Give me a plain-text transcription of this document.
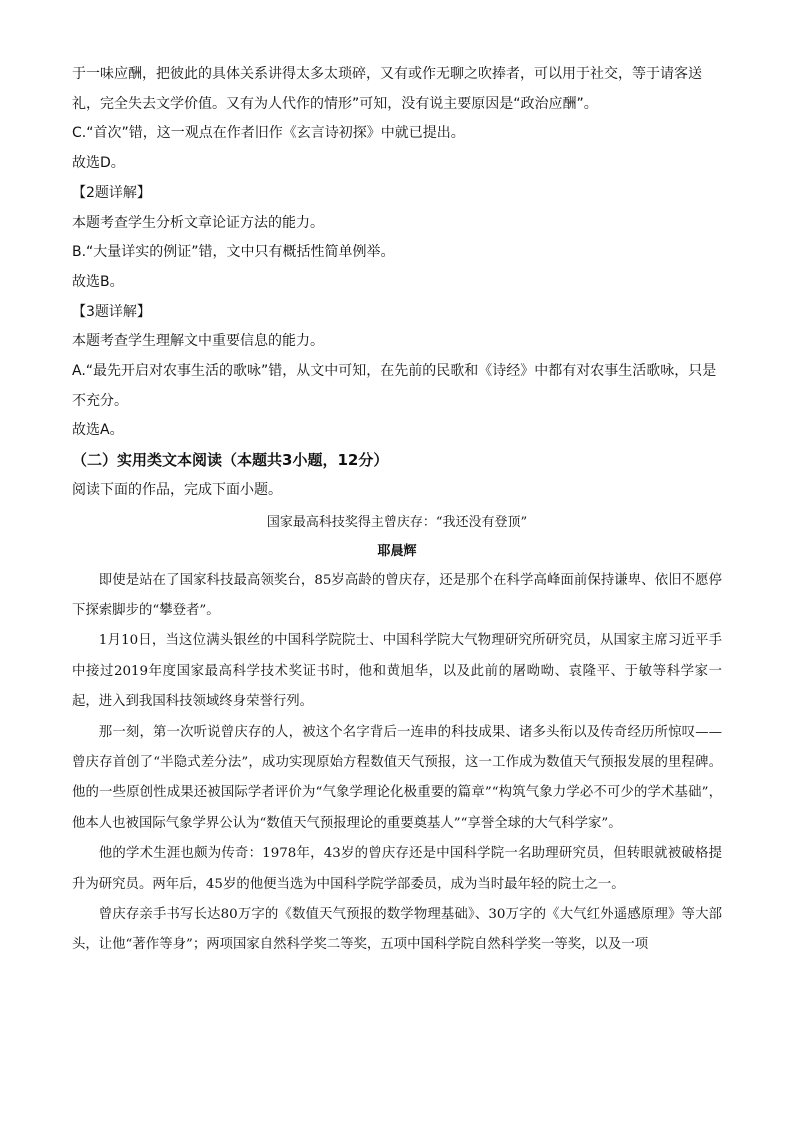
于一味应酬，把彼此的具体关系讲得太多太琐碎，又有或作无聊之吹捧者，可以用于社交，等于请客送礼，完全失去文学价值。又有为人代作的情形”可知，没有说主要原因是“政治应酬”。

C.“首次”错，这一观点在作者旧作《玄言诗初探》中就已提出。

故选D。

【2题详解】

本题考查学生分析文章论证方法的能力。

B.“大量详实的例证”错，文中只有概括性简单例举。

故选B。

【3题详解】

本题考查学生理解文中重要信息的能力。

A.“最先开启对农事生活的歌咏”错，从文中可知，在先前的民歌和《诗经》中都有对农事生活歌咏，只是不充分。

故选A。

（二）实用类文本阅读（本题共3小题，12分）

阅读下面的作品，完成下面小题。

国家最高科技奖得主曾庆存：“我还没有登顶”

耶晨辉

即使是站在了国家科技最高领奖台，85岁高龄的曾庆存，还是那个在科学高峰面前保持谦卑、依旧不愿停下探索脚步的“攀登者”。

1月10日，当这位满头银丝的中国科学院院士、中国科学院大气物理研究所研究员，从国家主席习近平手中接过2019年度国家最高科学技术奖证书时，他和黄旭华，以及此前的屠呦呦、袁隆平、于敏等科学家一起，进入到我国科技领域终身荣誉行列。

那一刻，第一次听说曾庆存的人，被这个名字背后一连串的科技成果、诸多头衔以及传奇经历所惊叹——曾庆存首创了“半隐式差分法”，成功实现原始方程数值天气预报，这一工作成为数值天气预报发展的里程碑。他的一些原创性成果还被国际学者评价为“气象学理论化极重要的篇章”“构筑气象力学必不可少的学术基础”，他本人也被国际气象学界公认为“数值天气预报理论的重要奠基人”“享誉全球的大气科学家”。

他的学术生涯也颇为传奇：1978年，43岁的曾庆存还是中国科学院一名助理研究员，但转眼就被破格提升为研究员。两年后，45岁的他便当选为中国科学院学部委员，成为当时最年轻的院士之一。

曾庆存亲手书写长达80万字的《数值天气预报的数学物理基础》、30万字的《大气红外遥感原理》等大部头，让他“著作等身”；两项国家自然科学奖二等奖，五项中国科学院自然科学奖一等奖，以及一项
